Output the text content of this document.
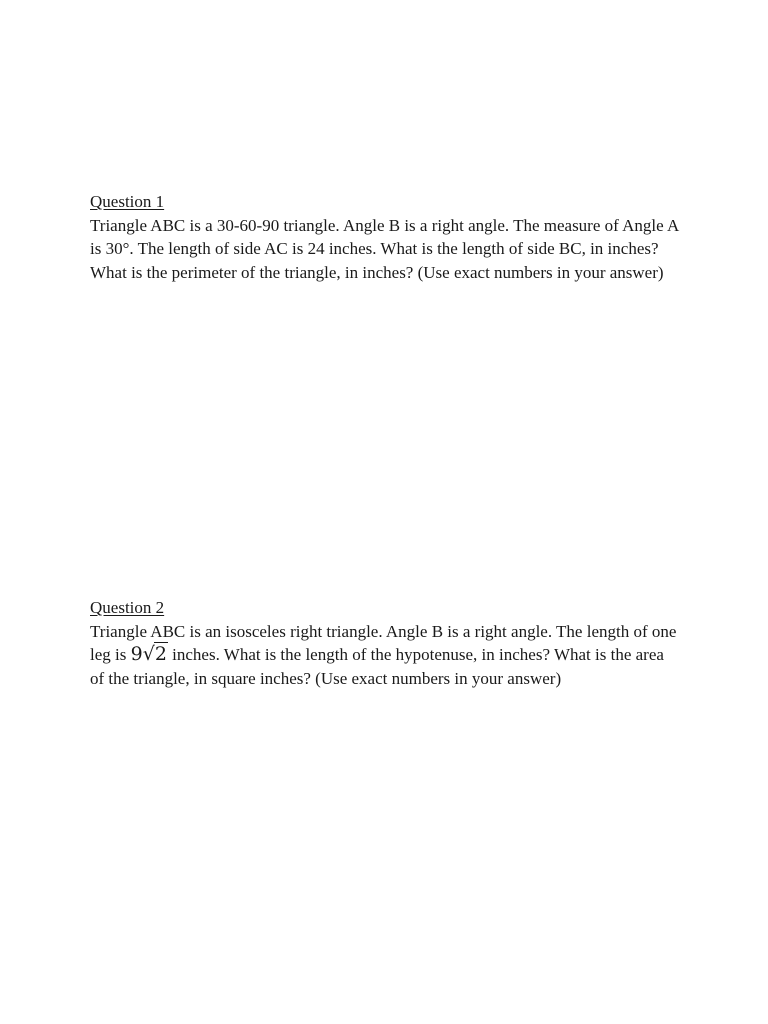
Question 1

Triangle ABC is a 30-60-90 triangle. Angle B is a right angle. The measure of Angle A is 30°. The length of side AC is 24 inches. What is the length of side BC, in inches? What is the perimeter of the triangle, in inches? (Use exact numbers in your answer)

Question 2

Triangle ABC is an isosceles right triangle. Angle B is a right angle. The length of one leg is 9√2 inches. What is the length of the hypotenuse, in inches? What is the area of the triangle, in square inches? (Use exact numbers in your answer)
